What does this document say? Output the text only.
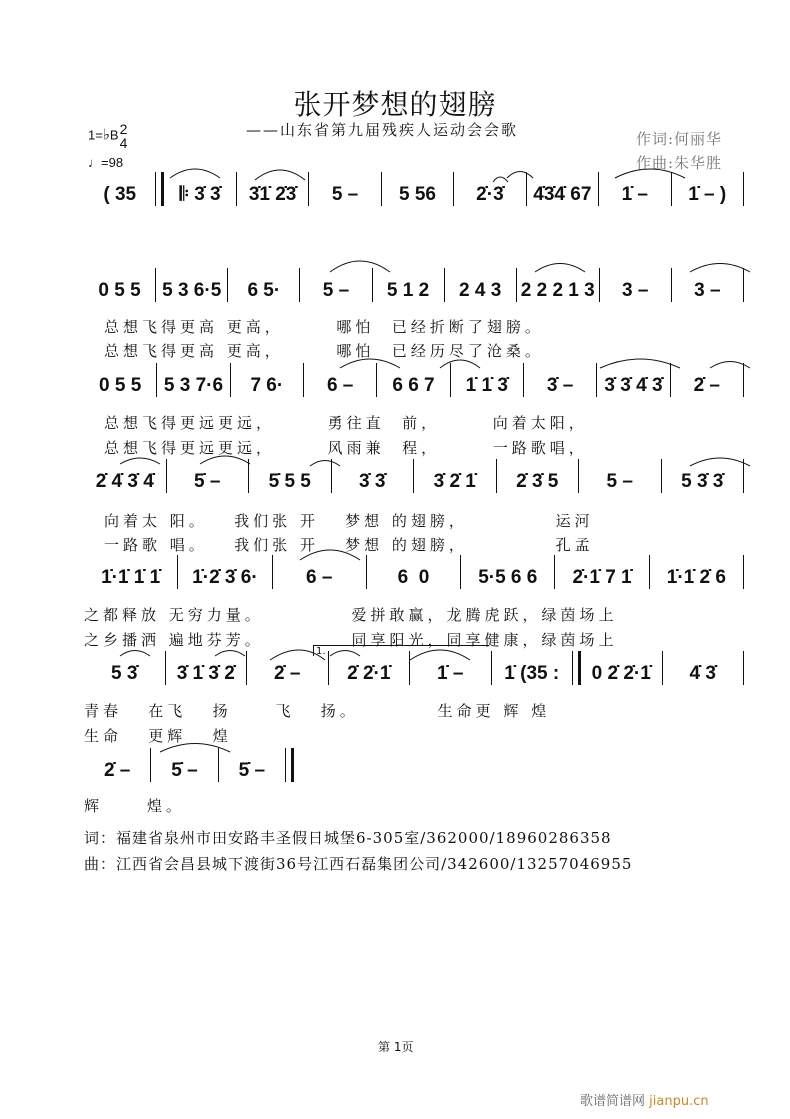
张开梦想的翅膀
——山东省第九届残疾人运动会会歌
1=♭B 2
4
♩=98
作词:何丽华
作曲:朱华胜
( 35	𝄆 3̇ 3̇	3̇1̇ 2̇3̇	5 –	5 56	2̇·3̇	4̇3̇4̇ 67	1̇ –	1̇ – )
0 5 5	5 3 6·5	6 5·	5 –	5 1 2	2 4 3	2 2 2 1 3	3 –	3 –
总想飞得更高 更高，      哪怕  已经折断了翅膀。
总想飞得更高 更高，      哪怕  已经历尽了沧桑。
0 5 5	5 3 7·6	7 6·	6 –	6 6 7	1̇ 1̇ 3̇	3̇ –	3̇ 3̇ 4̇ 3̇	2̇ –
总想飞得更远更远，      勇往直  前，      向着太阳，
总想飞得更远更远，      风雨兼  程，      一路歌唱，
2̇ 4̇ 3̇ 4̇	5̇ –	5̇ 5 5	3̇ 3̇	3̇ 2̇ 1̇	2̇ 3̇ 5	5 –	5 3̇ 3̇
向着太 阳。   我们张 开   梦想 的翅膀，          运河
一路歌 唱。   我们张 开   梦想 的翅膀，          孔孟
1̇·1̇ 1̇ 1̇	1̇·2̇ 3̇ 6·	6 –	6  0	5·5 6 6	2̇·1̇ 7 1̇	1̇·1̇ 2̇ 6
之都释放 无穷力量。          爱拼敢赢，龙腾虎跃，绿茵场上
之乡播洒 遍地芬芳。          同享阳光，同享健康，绿茵场上
1.
5 3̇	3̇ 1̇ 3̇ 2̇	2̇ –	2̇ 2̇·1̇	1̇ –	1̇ (35 :	0 2̇ 2̇·1̇	4̇ 3̇
青春   在飞   扬     飞   扬。         生命更 辉 煌
生命   更辉   煌
2̇ –	5̇ –	5̇ –
辉     煌。
词：福建省泉州市田安路丰圣假日城堡6-305室/362000/18960286358
曲：江西省会昌县城下渡街36号江西石磊集团公司/342600/13257046955
第 1页
歌谱简谱网 jianpu.cn
